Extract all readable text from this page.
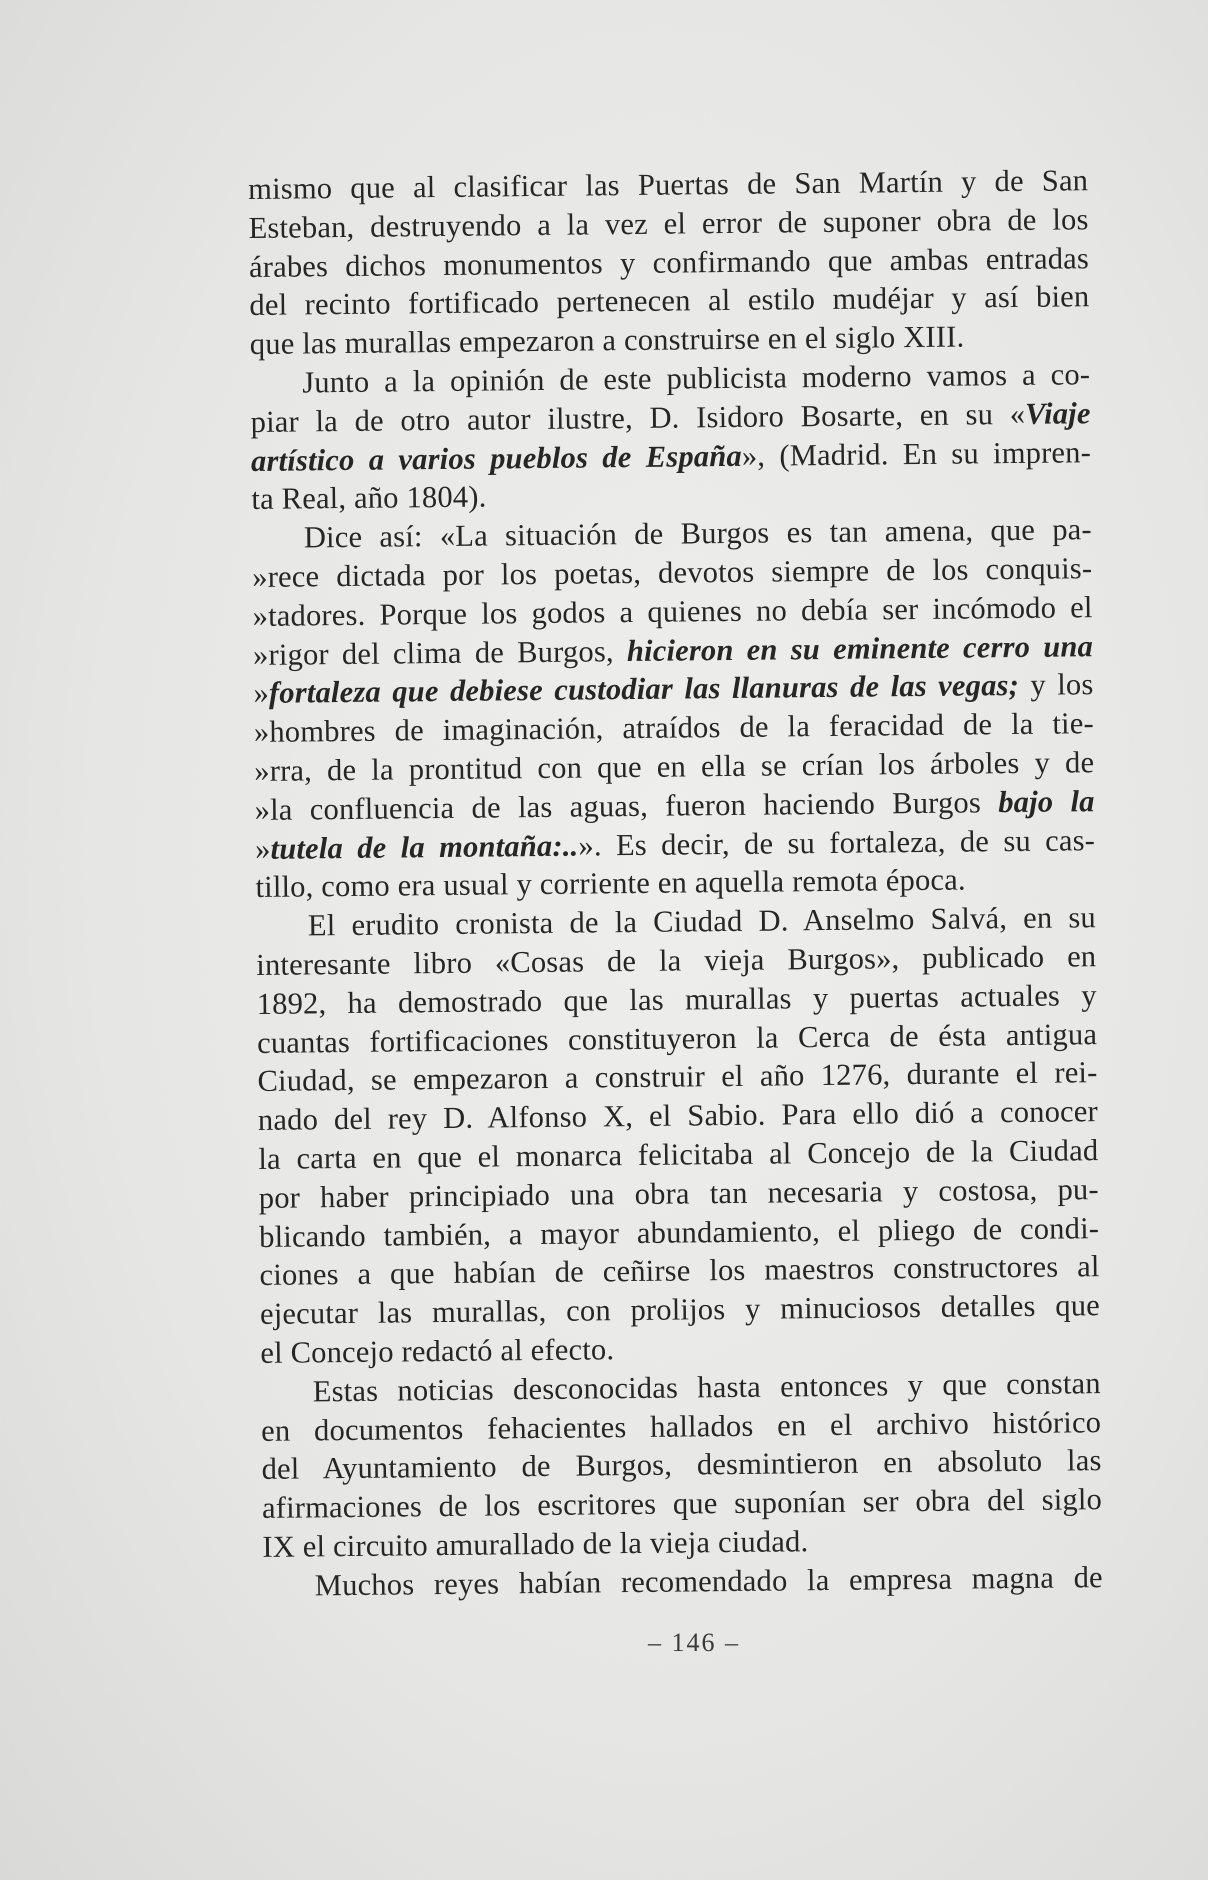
mismo que al clasificar las Puertas de San Martín y de San
Esteban, destruyendo a la vez el error de suponer obra de los
árabes dichos monumentos y confirmando que ambas entradas
del recinto fortificado pertenecen al estilo mudéjar y así bien
que las murallas empezaron a construirse en el siglo XIII.
Junto a la opinión de este publicista moderno vamos a co-
piar la de otro autor ilustre, D. Isidoro Bosarte, en su «Viaje
artístico a varios pueblos de España», (Madrid. En su impren-
ta Real, año 1804).
Dice así: «La situación de Burgos es tan amena, que pa-
»rece dictada por los poetas, devotos siempre de los conquis-
»tadores. Porque los godos a quienes no debía ser incómodo el
»rigor del clima de Burgos, hicieron en su eminente cerro una
»fortaleza que debiese custodiar las llanuras de las vegas; y los
»hombres de imaginación, atraídos de la feracidad de la tie-
»rra, de la prontitud con que en ella se crían los árboles y de
»la confluencia de las aguas, fueron haciendo Burgos bajo la
»tutela de la montaña:..». Es decir, de su fortaleza, de su cas-
tillo, como era usual y corriente en aquella remota época.
El erudito cronista de la Ciudad D. Anselmo Salvá, en su
interesante libro «Cosas de la vieja Burgos», publicado en
1892, ha demostrado que las murallas y puertas actuales y
cuantas fortificaciones constituyeron la Cerca de ésta antigua
Ciudad, se empezaron a construir el año 1276, durante el rei-
nado del rey D. Alfonso X, el Sabio. Para ello dió a conocer
la carta en que el monarca felicitaba al Concejo de la Ciudad
por haber principiado una obra tan necesaria y costosa, pu-
blicando también, a mayor abundamiento, el pliego de condi-
ciones a que habían de ceñirse los maestros constructores al
ejecutar las murallas, con prolijos y minuciosos detalles que
el Concejo redactó al efecto.
Estas noticias desconocidas hasta entonces y que constan
en documentos fehacientes hallados en el archivo histórico
del Ayuntamiento de Burgos, desmintieron en absoluto las
afirmaciones de los escritores que suponían ser obra del siglo
IX el circuito amurallado de la vieja ciudad.
Muchos reyes habían recomendado la empresa magna de
– 146 –
